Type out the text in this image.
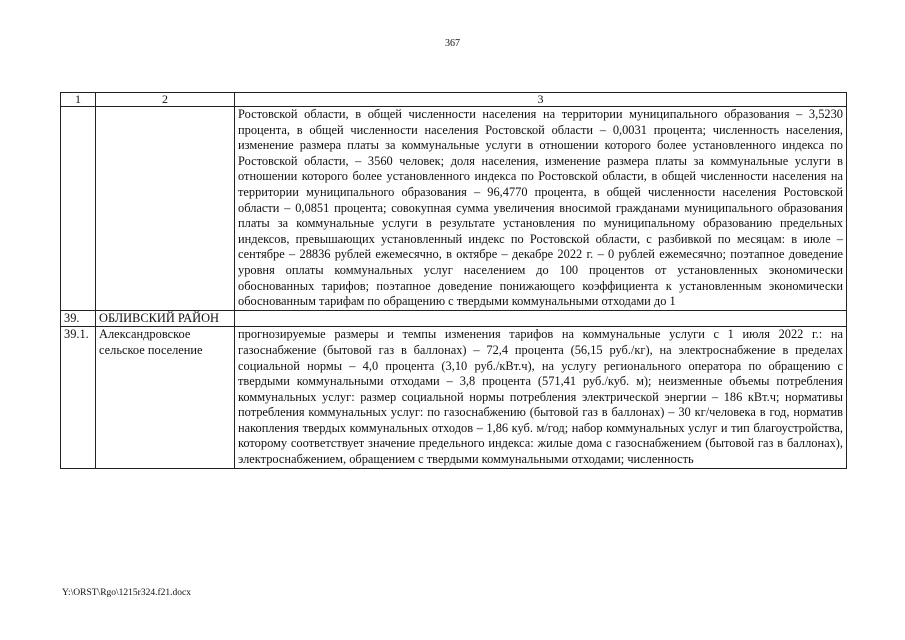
367
1	2	3
		Ростовской области, в общей численности населения на территории муниципального образования – 3,5230 процента, в общей численности населения Ростовской области – 0,0031 процента; численность населения, изменение размера платы за коммунальные услуги в отношении которого более установленного индекса по Ростовской области, – 3560 человек; доля населения, изменение размера платы за коммунальные услуги в отношении которого более установленного индекса по Ростовской области, в общей численности населения на территории муниципального образования – 96,4770 процента, в общей численности населения Ростовской области – 0,0851 процента; совокупная сумма увеличения вносимой гражданами муниципального образования платы за коммунальные услуги в результате установления по муниципальному образованию предельных индексов, превышающих установленный индекс по Ростовской области, с разбивкой по месяцам: в июле – сентябре – 28836 рублей ежемесячно, в октябре – декабре 2022 г. – 0 рублей ежемесячно; поэтапное доведение уровня оплаты коммунальных услуг населением до 100 процентов от установленных экономически обоснованных тарифов; поэтапное доведение понижающего коэффициента к установленным экономически обоснованным тарифам по обращению с твердыми коммунальными отходами до 1
39.	ОБЛИВСКИЙ РАЙОН	
39.1.	Александровское сельское поселение	прогнозируемые размеры и темпы изменения тарифов на коммунальные услуги с 1 июля 2022 г.: на газоснабжение (бытовой газ в баллонах) – 72,4 процента (56,15 руб./кг), на электроснабжение в пределах социальной нормы – 4,0 процента (3,10 руб./кВт.ч), на услугу регионального оператора по обращению с твердыми коммунальными отходами – 3,8 процента (571,41 руб./куб. м); неизменные объемы потребления коммунальных услуг: размер социальной нормы потребления электрической энергии – 186 кВт.ч; нормативы потребления коммунальных услуг: по газоснабжению (бытовой газ в баллонах) – 30 кг/человека в год, норматив накопления твердых коммунальных отходов – 1,86 куб. м/год; набор коммунальных услуг и тип благоустройства, которому соответствует значение предельного индекса: жилые дома с газоснабжением (бытовой газ в баллонах), электроснабжением, обращением с твердыми коммунальными отходами; численность
Y:\ORST\Rgo\1215r324.f21.docx
